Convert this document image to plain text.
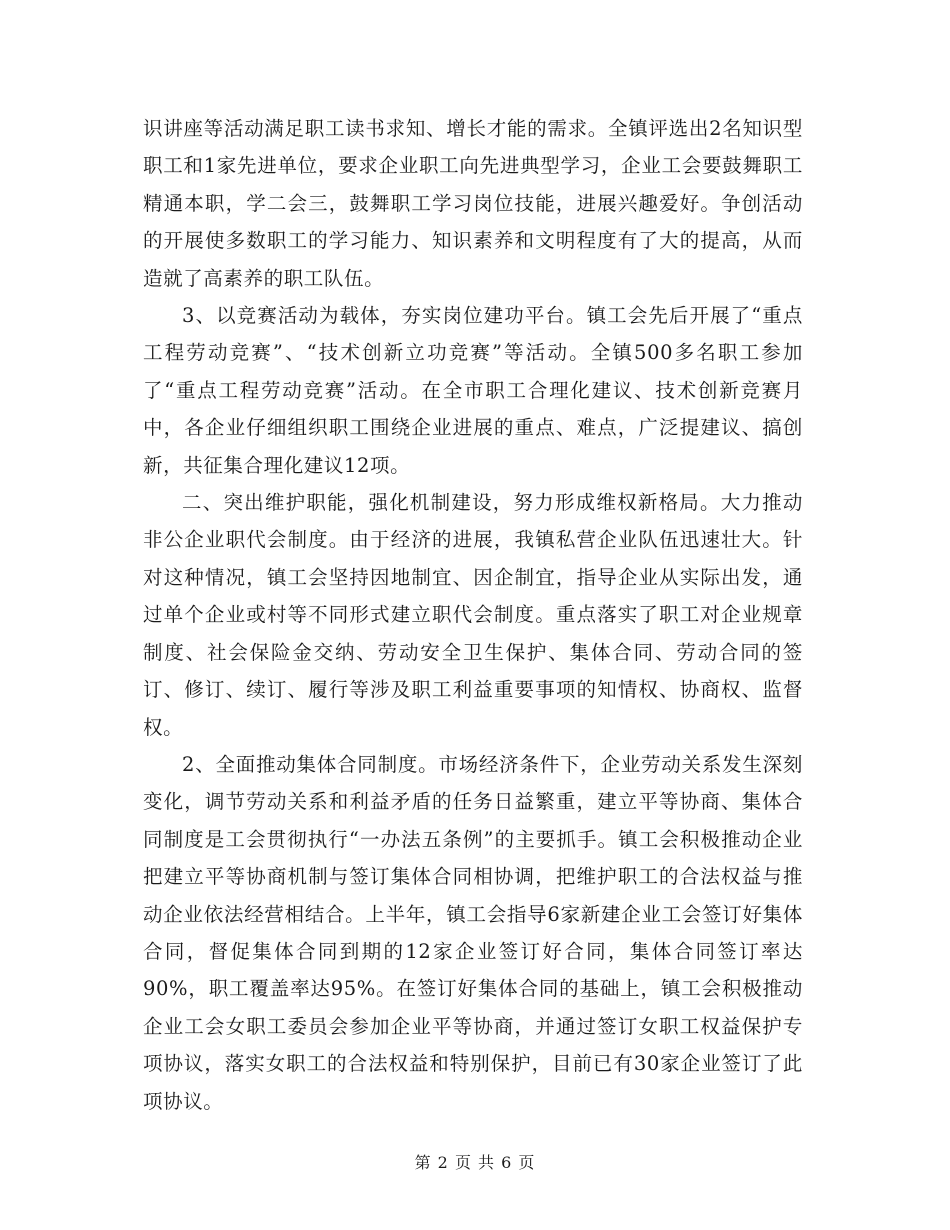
识讲座等活动满足职工读书求知、增长才能的需求。全镇评选出2名知识型职工和1家先进单位，要求企业职工向先进典型学习，企业工会要鼓舞职工精通本职，学二会三，鼓舞职工学习岗位技能，进展兴趣爱好。争创活动的开展使多数职工的学习能力、知识素养和文明程度有了大的提高，从而造就了高素养的职工队伍。

3、以竞赛活动为载体，夯实岗位建功平台。镇工会先后开展了“重点工程劳动竞赛”、“技术创新立功竞赛”等活动。全镇500多名职工参加了“重点工程劳动竞赛”活动。在全市职工合理化建议、技术创新竞赛月中，各企业仔细组织职工围绕企业进展的重点、难点，广泛提建议、搞创新，共征集合理化建议12项。

二、突出维护职能，强化机制建设，努力形成维权新格局。大力推动非公企业职代会制度。由于经济的进展，我镇私营企业队伍迅速壮大。针对这种情况，镇工会坚持因地制宜、因企制宜，指导企业从实际出发，通过单个企业或村等不同形式建立职代会制度。重点落实了职工对企业规章制度、社会保险金交纳、劳动安全卫生保护、集体合同、劳动合同的签订、修订、续订、履行等涉及职工利益重要事项的知情权、协商权、监督权。

2、全面推动集体合同制度。市场经济条件下，企业劳动关系发生深刻变化，调节劳动关系和利益矛盾的任务日益繁重，建立平等协商、集体合同制度是工会贯彻执行“一办法五条例”的主要抓手。镇工会积极推动企业把建立平等协商机制与签订集体合同相协调，把维护职工的合法权益与推动企业依法经营相结合。上半年，镇工会指导6家新建企业工会签订好集体合同，督促集体合同到期的12家企业签订好合同，集体合同签订率达90%，职工覆盖率达95%。在签订好集体合同的基础上，镇工会积极推动企业工会女职工委员会参加企业平等协商，并通过签订女职工权益保护专项协议，落实女职工的合法权益和特别保护，目前已有30家企业签订了此项协议。

第 2 页 共 6 页
